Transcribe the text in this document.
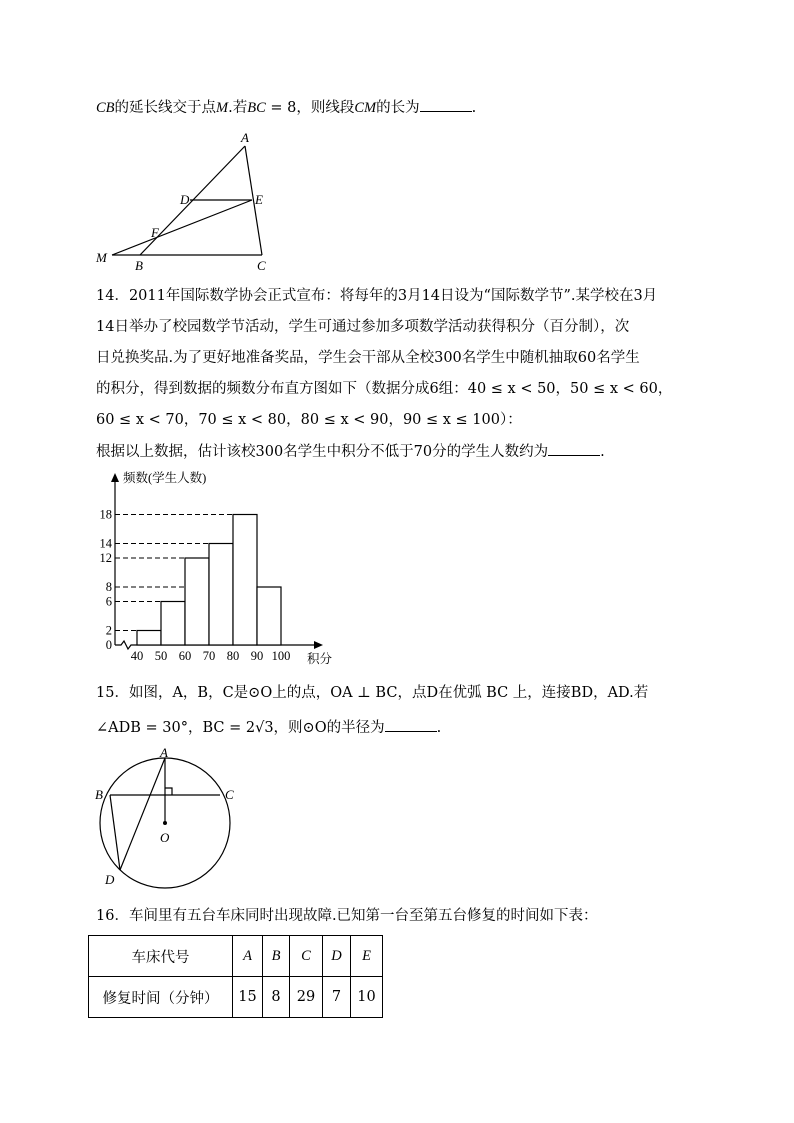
CB的延长线交于点M.若BC = 8，则线段CM的长为	.
A
D	E
F
M
B	C
14．2011年国际数学协会正式宣布：将每年的3月14日设为“国际数学节”.某学校在3月
14日举办了校园数学节活动，学生可通过参加多项数学活动获得积分（百分制），次
日兑换奖品.为了更好地准备奖品，学生会干部从全校300名学生中随机抽取60名学生
的积分，得到数据的频数分布直方图如下（数据分成6组：40 ≤ x < 50，50 ≤ x < 60，
60 ≤ x < 70，70 ≤ x < 80，80 ≤ x < 90，90 ≤ x ≤ 100）：
根据以上数据，估计该校300名学生中积分不低于70分的学生人数约为	.
0
2
6
8
12
14
18
40 50 60 70 80 90 100
频数(学生人数)
积分
15．如图，A，B，C是⊙O上的点，OA ⊥ BC，点D在优弧 BC 上，连接BD，AD.若
∠ADB = 30°，BC = 2√3，则⊙O的半径为	.
A
B	C
O
D
16．车间里有五台车床同时出现故障.已知第一台至第五台修复的时间如下表：
车床代号	A	B	C	D	E
修复时间（分钟）	15	8	29	7	10
